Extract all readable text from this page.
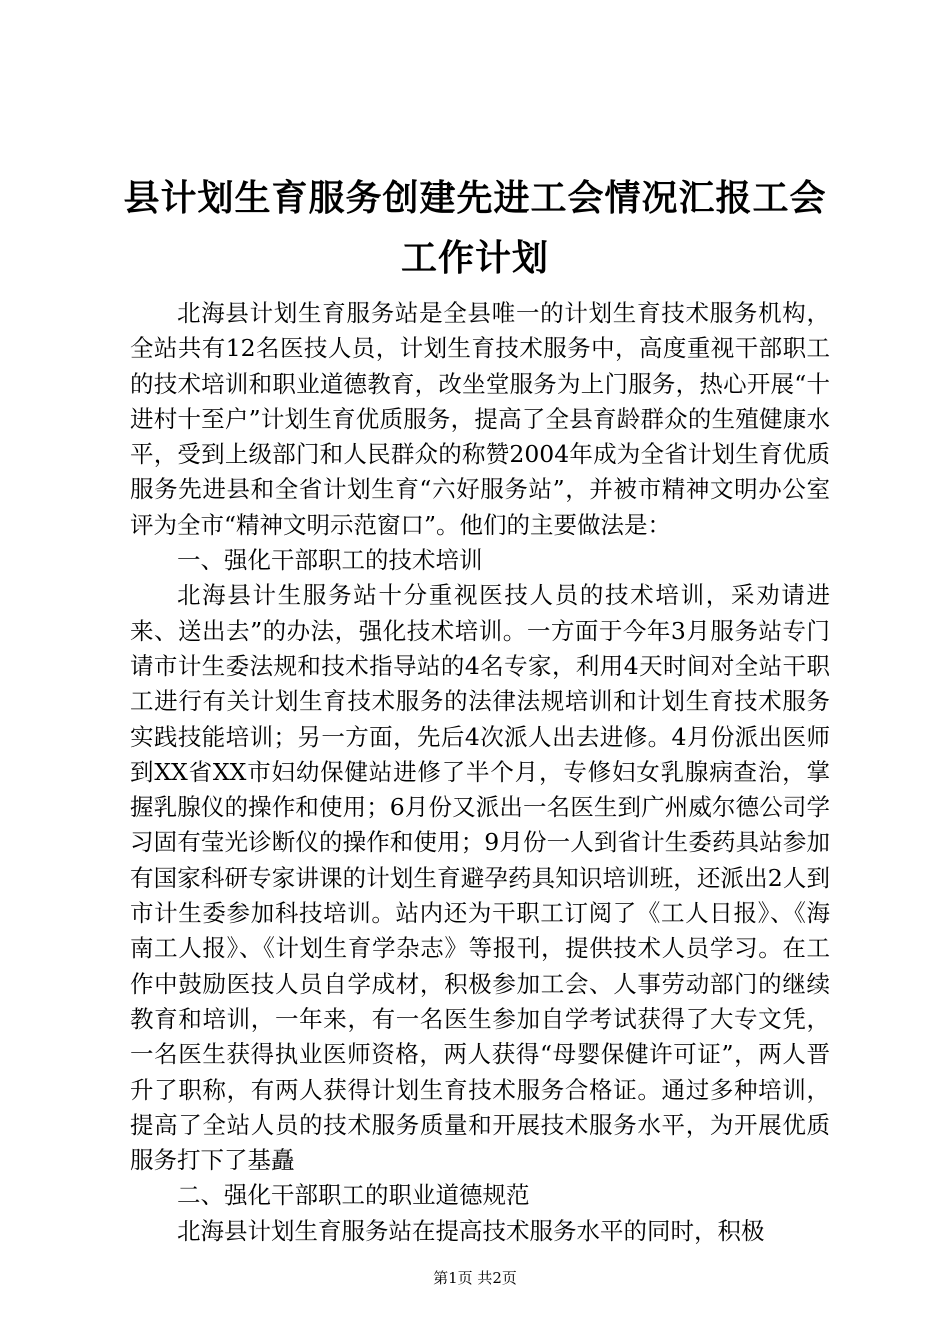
县计划生育服务创建先进工会情况汇报工会工作计划

北海县计划生育服务站是全县唯一的计划生育技术服务机构，全站共有12名医技人员，计划生育技术服务中，高度重视干部职工的技术培训和职业道德教育，改坐堂服务为上门服务，热心开展“十进村十至户”计划生育优质服务，提高了全县育龄群众的生殖健康水平，受到上级部门和人民群众的称赞2004年成为全省计划生育优质服务先进县和全省计划生育“六好服务站”，并被市精神文明办公室评为全市“精神文明示范窗口”。他们的主要做法是：

一、强化干部职工的技术培训

北海县计生服务站十分重视医技人员的技术培训，采劝请进来、送出去”的办法，强化技术培训。一方面于今年3月服务站专门请市计生委法规和技术指导站的4名专家，利用4天时间对全站干职工进行有关计划生育技术服务的法律法规培训和计划生育技术服务实践技能培训；另一方面，先后4次派人出去进修。4月份派出医师到XX省XX市妇幼保健站进修了半个月，专修妇女乳腺病查治，掌握乳腺仪的操作和使用；6月份又派出一名医生到广州威尔德公司学习固有莹光诊断仪的操作和使用；9月份一人到省计生委药具站参加有国家科研专家讲课的计划生育避孕药具知识培训班，还派出2人到市计生委参加科技培训。站内还为干职工订阅了《工人日报》、《海南工人报》、《计划生育学杂志》等报刊，提供技术人员学习。在工作中鼓励医技人员自学成材，积极参加工会、人事劳动部门的继续教育和培训，一年来，有一名医生参加自学考试获得了大专文凭，一名医生获得执业医师资格，两人获得“母婴保健许可证”，两人晋升了职称，有两人获得计划生育技术服务合格证。通过多种培训，提高了全站人员的技术服务质量和开展技术服务水平，为开展优质服务打下了基矗

二、强化干部职工的职业道德规范

北海县计划生育服务站在提高技术服务水平的同时，积极

第1页 共2页
